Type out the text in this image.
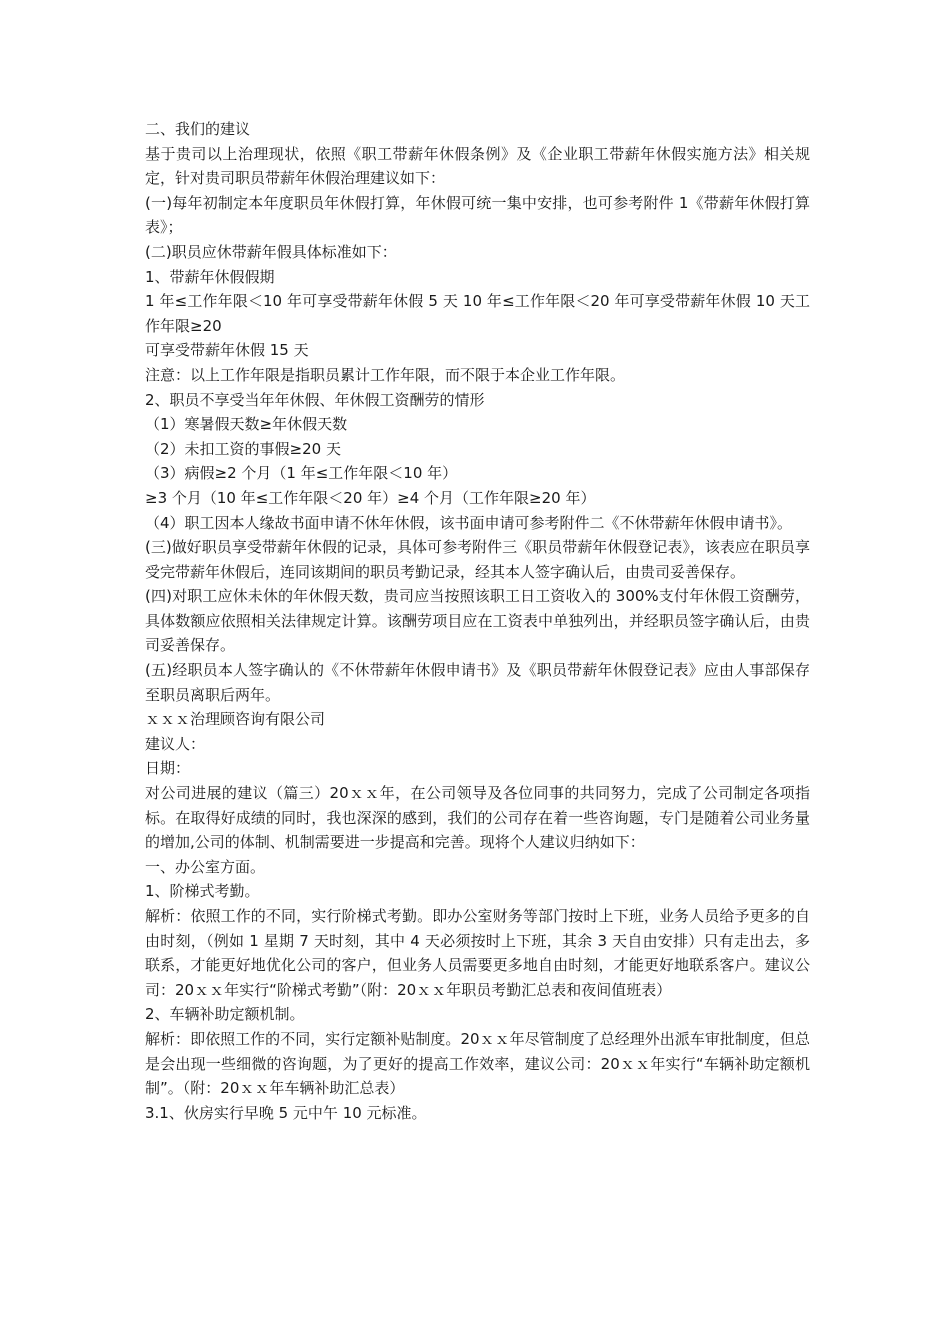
二、我们的建议

基于贵司以上治理现状，依照《职工带薪年休假条例》及《企业职工带薪年休假实施方法》相关规定，针对贵司职员带薪年休假治理建议如下：

(一)每年初制定本年度职员年休假打算，年休假可统一集中安排，也可参考附件 1《带薪年休假打算表》；

(二)职员应休带薪年假具体标准如下：

1、带薪年休假假期

1 年≤工作年限＜10 年可享受带薪年休假 5 天 10 年≤工作年限＜20 年可享受带薪年休假 10 天工作年限≥20

可享受带薪年休假 15 天

注意：以上工作年限是指职员累计工作年限，而不限于本企业工作年限。

2、职员不享受当年年休假、年休假工资酬劳的情形

（1）寒暑假天数≥年休假天数

（2）未扣工资的事假≥20 天

（3）病假≥2 个月（1 年≤工作年限＜10 年）

≥3 个月（10 年≤工作年限＜20 年）≥4 个月（工作年限≥20 年）

（4）职工因本人缘故书面申请不休年休假，该书面申请可参考附件二《不休带薪年休假申请书》。

(三)做好职员享受带薪年休假的记录，具体可参考附件三《职员带薪年休假登记表》，该表应在职员享受完带薪年休假后，连同该期间的职员考勤记录，经其本人签字确认后，由贵司妥善保存。

(四)对职工应休未休的年休假天数，贵司应当按照该职工日工资收入的 300%支付年休假工资酬劳，具体数额应依照相关法律规定计算。该酬劳项目应在工资表中单独列出，并经职员签字确认后，由贵司妥善保存。

(五)经职员本人签字确认的《不休带薪年休假申请书》及《职员带薪年休假登记表》应由人事部保存至职员离职后两年。

ｘｘｘ治理顾咨询有限公司

建议人：

日期：

对公司进展的建议（篇三）20ｘｘ年，在公司领导及各位同事的共同努力，完成了公司制定各项指标。在取得好成绩的同时，我也深深的感到，我们的公司存在着一些咨询题，专门是随着公司业务量的增加,公司的体制、机制需要进一步提高和完善。现将个人建议归纳如下：

一、办公室方面。

1、阶梯式考勤。

解析：依照工作的不同，实行阶梯式考勤。即办公室财务等部门按时上下班，业务人员给予更多的自由时刻，（例如 1 星期 7 天时刻，其中 4 天必须按时上下班，其余 3 天自由安排）只有走出去，多联系，才能更好地优化公司的客户，但业务人员需要更多地自由时刻，才能更好地联系客户。建议公司：20ｘｘ年实行“阶梯式考勤”（附：20ｘｘ年职员考勤汇总表和夜间值班表）

2、车辆补助定额机制。

解析：即依照工作的不同，实行定额补贴制度。20ｘｘ年尽管制度了总经理外出派车审批制度，但总是会出现一些细微的咨询题，为了更好的提高工作效率，建议公司：20ｘｘ年实行“车辆补助定额机制”。（附：20ｘｘ年车辆补助汇总表）

3.1、伙房实行早晚 5 元中午 10 元标准。
